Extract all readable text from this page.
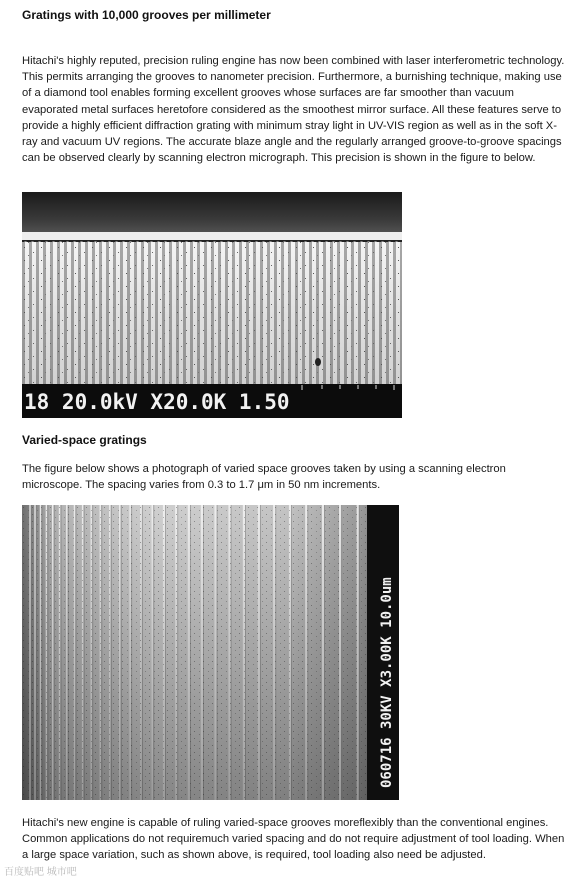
Gratings with 10,000 grooves per millimeter

Hitachi's highly reputed, precision ruling engine has now been combined with laser interferometric technology. This permits arranging the grooves to nanometer precision. Furthermore, a burnishing technique, making use of a diamond tool enables forming excellent grooves whose surfaces are far smoother than vacuum evaporated metal surfaces heretofore considered as the smoothest mirror surface. All these features serve to provide a highly efficient diffraction grating with minimum stray light in UV-VIS region as well as in the soft X-ray and vacuum UV regions. The accurate blaze angle and the regularly arranged groove-to-groove spacings can be observed clearly by scanning electron micrograph. This precision is shown in the figure to below.

18 20.0kV X20.0K 1.50
Varied-space gratings

The figure below shows a photograph of varied space grooves taken by using a scanning electron microscope. The spacing varies from 0.3 to 1.7 μm in 50 nm increments.

060716 30KV X3.00K 10.0um

Hitachi's new engine is capable of ruling varied-space grooves moreflexibly than the conventional engines. Common applications do not requiremuch varied spacing and do not require adjustment of tool loading. When a large space variation, such as shown above, is required, tool loading also need be adjusted.

百度贴吧 城市吧
